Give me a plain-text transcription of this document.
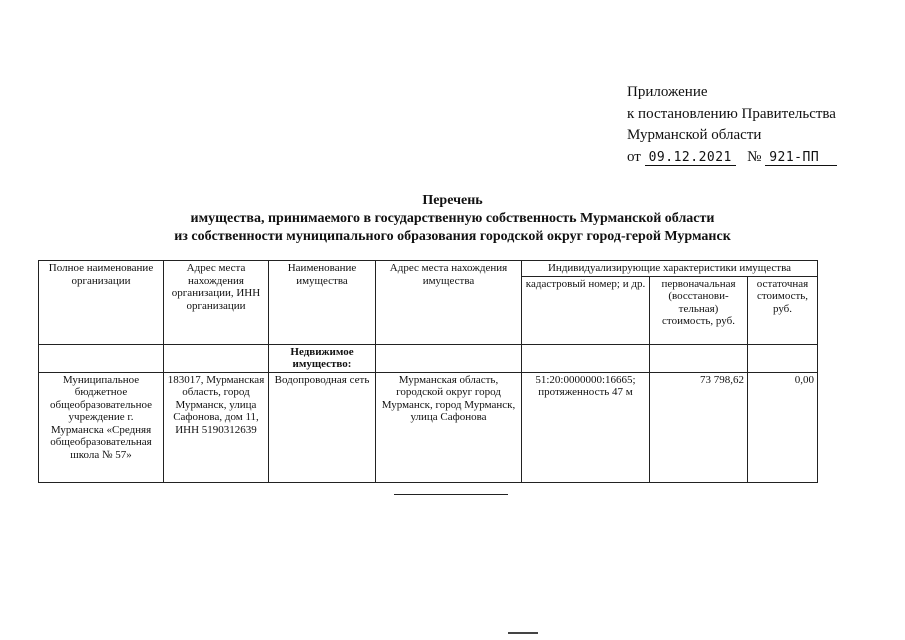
Приложение
к постановлению Правительства
Мурманской области
от 09.12.2021 № 921-ПП
Перечень
имущества, принимаемого в государственную собственность Мурманской области
из собственности муниципального образования городской округ город-герой Мурманск
Полное наименование организации	Адрес места нахождения организации, ИНН организации	Наименование имущества	Адрес места нахождения имущества	Индивидуализирующие характеристики имущества		
				кадастровый номер; и др.	первоначальная (восстанови- тельная) стоимость, руб.	остаточная стоимость, руб.
		Недвижимое имущество:				
Муниципальное бюджетное общеобразовательное учреждение г. Мурманска «Средняя общеобразовательная школа № 57»	183017, Мурманская область, город Мурманск, улица Сафонова, дом 11, ИНН 5190312639	Водопроводная сеть	Мурманская область, городской округ город Мурманск, город Мурманск, улица Сафонова	51:20:0000000:16665; протяженность 47 м	73 798,62	0,00
